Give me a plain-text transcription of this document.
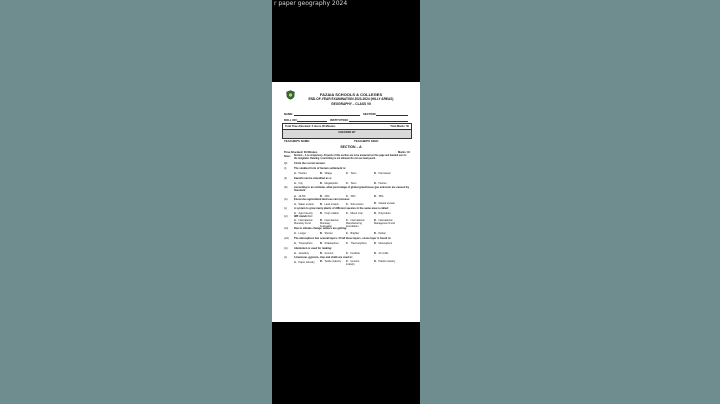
r paper geography 2024
FAZAIA SCHOOLS & COLLEGES
END-OF-YEAR EXAMINATION 2023-2024 (HILLY AREAS)
GEOGRAPHY – CLASS VII
NAME:	SECTION:
ROLL NO:	INSTITUTION:
Total Time Allocated: 2 Hours 30 Minutes	Total Marks: 50
CHECKED BY
TEACHER'S NAME:	TEACHER'S SIGN:
SECTION – A
Time Allocated: 30 Minutes	Marks: 10
Note: Section – A is compulsory. All parts of this section are to be answered on this page and handed over to the invigilator. Deleting / overwriting is not allowed. Do not use lead pencil.
Q1. Circle the correct answer.
(i)	The smallest form of human settlement is:
A. Hamlet	B. Village	C. Town	D. Farmstead
(ii)	Karachi can be classified as a:
A. City	B. Megalopolis	C. Town	D. Hamlet
(iii)	According to an estimate, what percentage of global greenhouse gas emission are caused by livestock:
A. 14.5%	B. 20%	C. 30%	D. 35%
(iv) Excessive agricultural land use can increase:
A. Water erosion B. Land erosion	C. Soil erosion	D. Glacial erosion
(v)	A system to grow many plants of different species in the same area is called:
A. Agro forestry	B. Crop rotation	C. Mixed crop	D. Polyculture
(vi) IMF stands for:
A. International Monetary Fund
B. International Monetary Federation
C. International Manufacturing Foundation
D. International Management Fund
(vii) Due to climate change, winters are getting:
A. Longer	B. Shorter	C. Brighter	D. Darker
(viii) The atmosphere has several layers. Of all these layers, ozone layer is found in:
A. Troposphere	B. Stratosphere	C. Thermosphere	D. Mesosphere
(ix) Aluminium is used for making:
A. Jewellery	B. Cement	C. Fertilizer	D. Air crafts
(x)	Limestone, gypsum, clay and chalk are used in:
A. Paper industry B. Textile industry	C. Cement industry
D. Plastic industry
